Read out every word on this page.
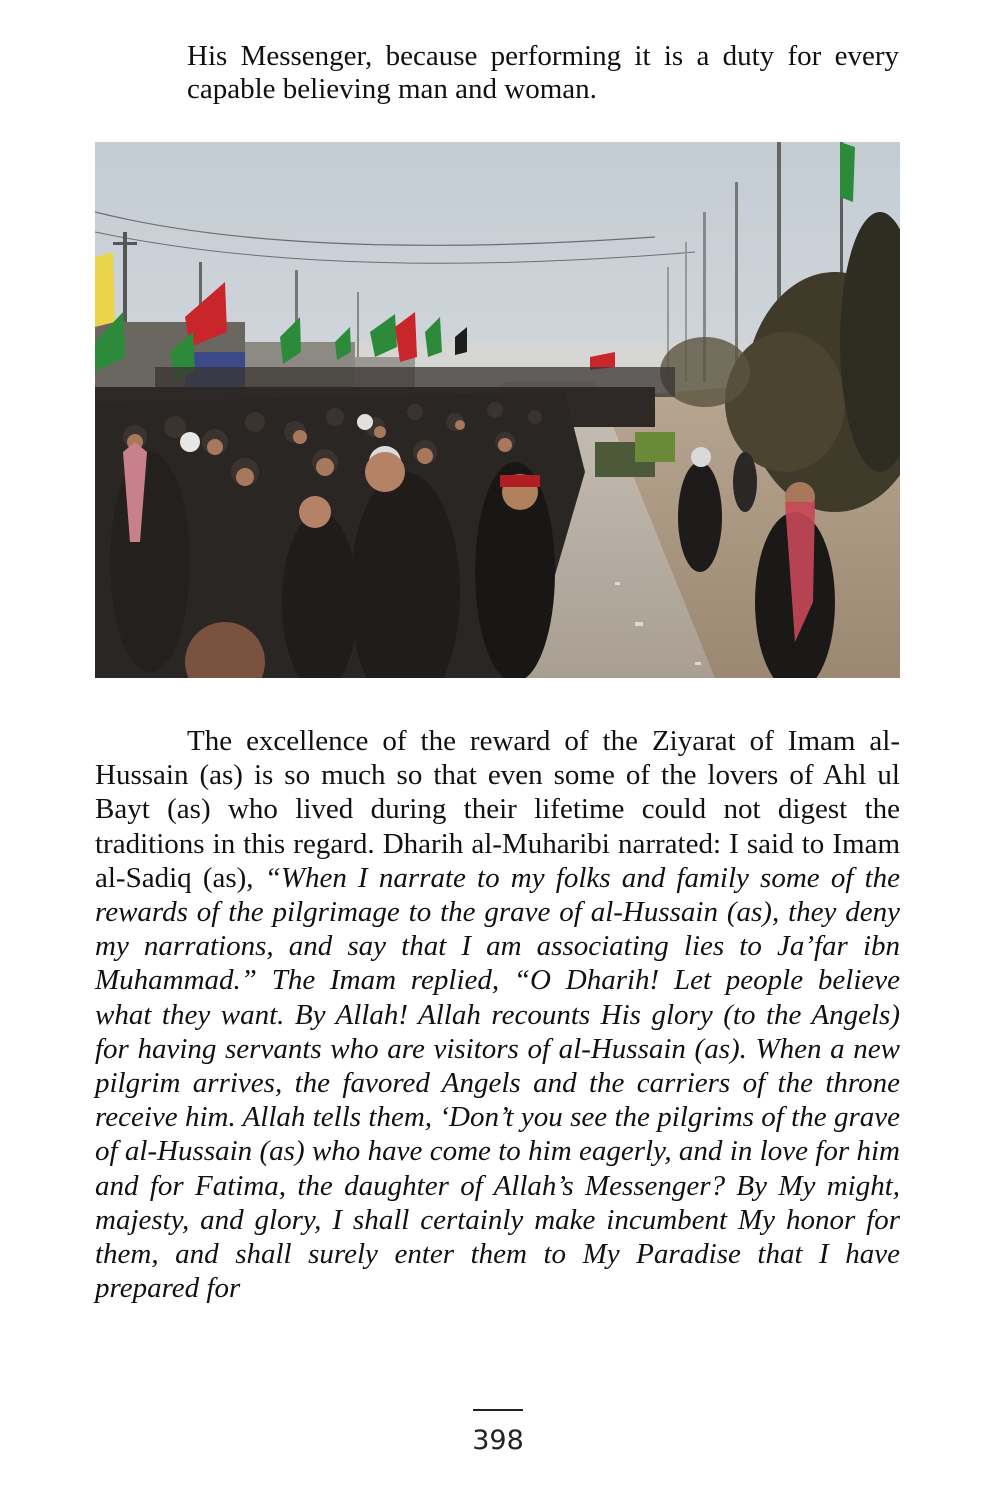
His Messenger, because performing it is a duty for every capable believing man and woman.

The excellence of the reward of the Ziyarat of Imam al-Hussain (as) is so much so that even some of the lovers of Ahl ul Bayt (as) who lived during their lifetime could not digest the traditions in this regard. Dharih al-Muharibi narrated: I said to Imam al-Sadiq (as), “When I narrate to my folks and family some of the rewards of the pilgrimage to the grave of al-Hussain (as), they deny my narrations, and say that I am associating lies to Ja’far ibn Muhammad.” The Imam replied, “O Dharih! Let people believe what they want. By Allah! Allah recounts His glory (to the Angels) for having servants who are visitors of al-Hussain (as). When a new pilgrim arrives, the favored Angels and the carriers of the throne receive him. Allah tells them, ‘Don’t you see the pilgrims of the grave of al-Hussain (as) who have come to him eagerly, and in love for him and for Fatima, the daughter of Allah’s Messenger? By My might, majesty, and glory, I shall certainly make incumbent My honor for them, and shall surely enter them to My Paradise that I have prepared for

398
